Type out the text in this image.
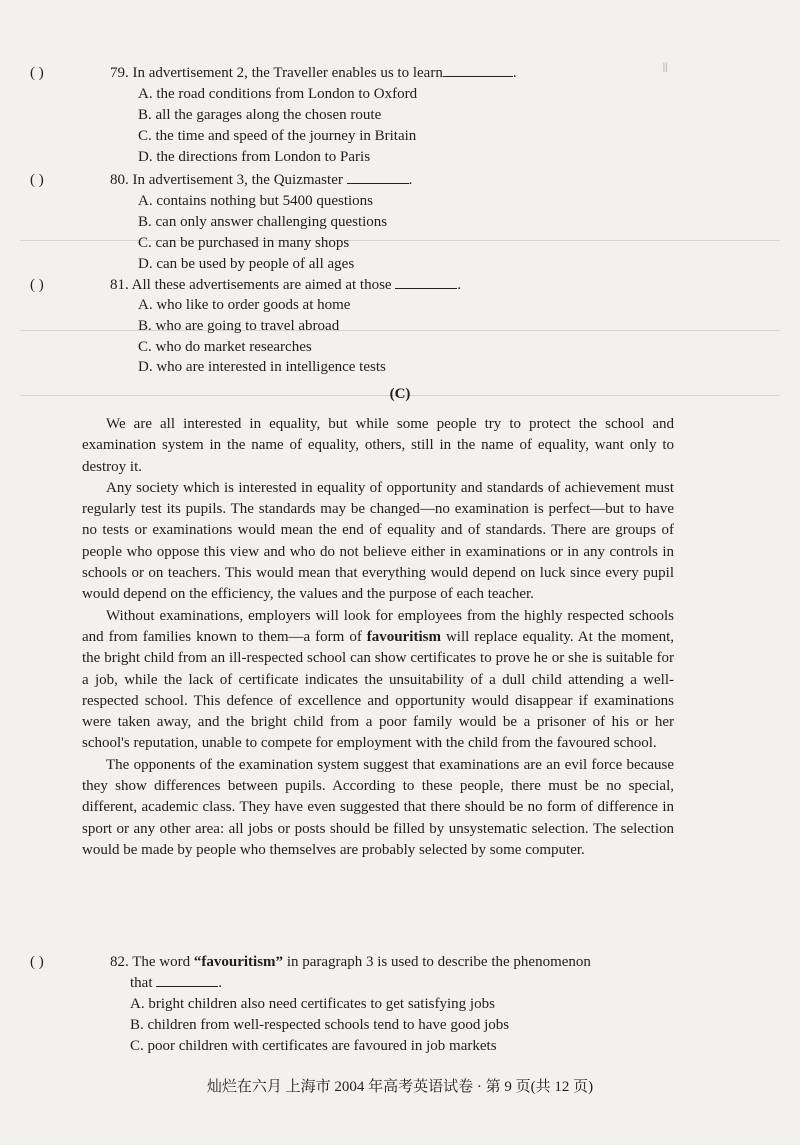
Ⅱ
( )	79. In advertisement 2, the Traveller enables us to learn	.
A. the road conditions from London to Oxford
B. all the garages along the chosen route
C. the time and speed of the journey in Britain
D. the directions from London to Paris
( )	80. In advertisement 3, the Quizmaster	.
A. contains nothing but 5400 questions
B. can only answer challenging questions
C. can be purchased in many shops
D. can be used by people of all ages
( )	81. All these advertisements are aimed at those	.
A. who like to order goods at home
B. who are going to travel abroad
C. who do market researches
D. who are interested in intelligence tests
(C)

We are all interested in equality, but while some people try to protect the school and examination system in the name of equality, others, still in the name of equality, want only to destroy it.

Any society which is interested in equality of opportunity and standards of achievement must regularly test its pupils. The standards may be changed—no examination is perfect—but to have no tests or examinations would mean the end of equality and of standards. There are groups of people who oppose this view and who do not believe either in examinations or in any controls in schools or on teachers. This would mean that everything would depend on luck since every pupil would depend on the efficiency, the values and the purpose of each teacher.

Without examinations, employers will look for employees from the highly respected schools and from families known to them—a form of favouritism will replace equality. At the moment, the bright child from an ill-respected school can show certificates to prove he or she is suitable for a job, while the lack of certificate indicates the unsuitability of a dull child attending a well-respected school. This defence of excellence and opportunity would disappear if examinations were taken away, and the bright child from a poor family would be a prisoner of his or her school's reputation, unable to compete for employment with the child from the favoured school.

The opponents of the examination system suggest that examinations are an evil force because they show differences between pupils. According to these people, there must be no special, different, academic class. They have even suggested that there should be no form of difference in sport or any other area: all jobs or posts should be filled by unsystematic selection. The selection would be made by people who themselves are probably selected by some computer.

( )	82. The word “favouritism” in paragraph 3 is used to describe the phenomenon
that	.
A. bright children also need certificates to get satisfying jobs
B. children from well-respected schools tend to have good jobs
C. poor children with certificates are favoured in job markets
灿烂在六月 上海市 2004 年高考英语试卷 · 第 9 页(共 12 页)
